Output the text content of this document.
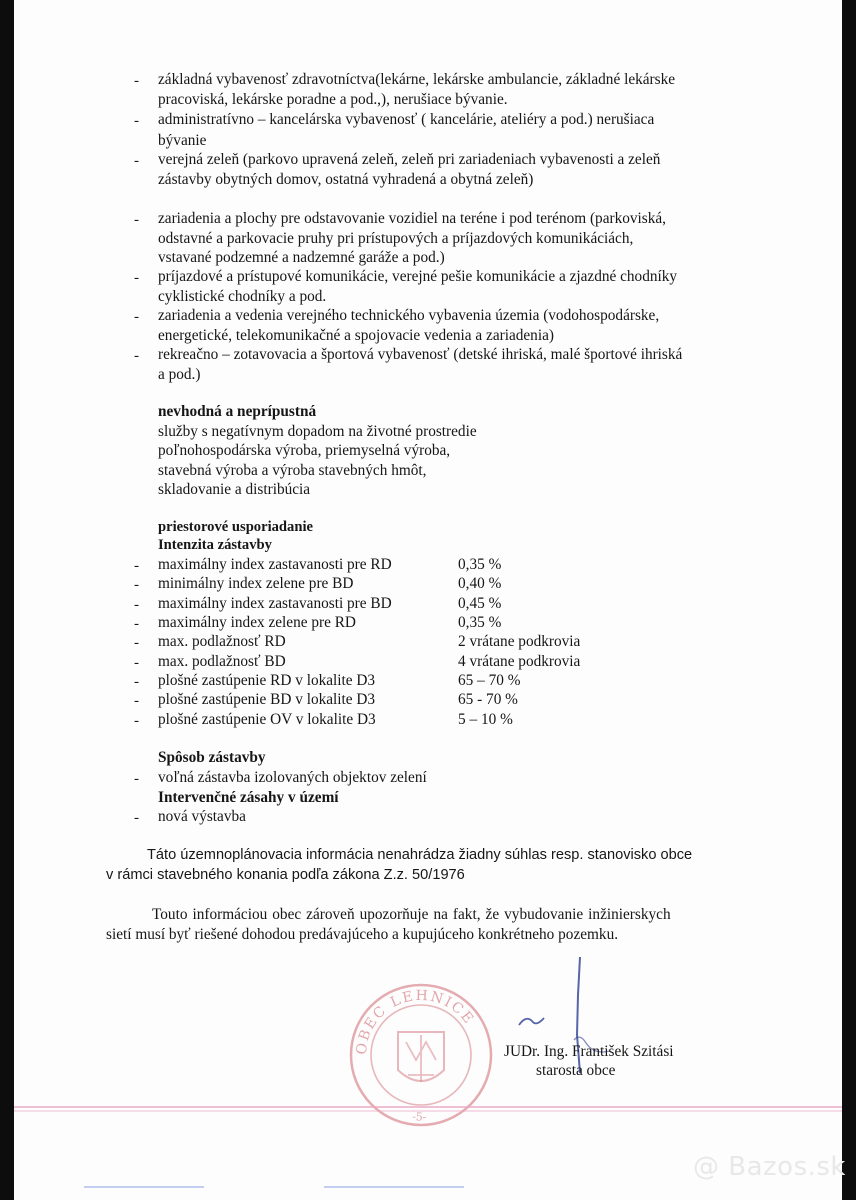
- základná vybavenosť zdravotníctva(lekárne, lekárske ambulancie, základné lekárske
pracoviská, lekárske poradne a pod.,), nerušiace bývanie.
- administratívno – kancelárska vybavenosť ( kancelárie, ateliéry a pod.) nerušiaca
bývanie
- verejná zeleň (parkovo upravená zeleň, zeleň pri zariadeniach vybavenosti a zeleň
zástavby obytných domov, ostatná vyhradená a obytná zeleň)
- zariadenia a plochy pre odstavovanie vozidiel na teréne i pod terénom (parkoviská,
odstavné a parkovacie pruhy pri prístupových a príjazdových komunikáciách,
vstavané podzemné a nadzemné garáže a pod.)
- príjazdové a prístupové komunikácie, verejné pešie komunikácie a zjazdné chodníky
cyklistické chodníky a pod.
- zariadenia a vedenia verejného technického vybavenia územia (vodohospodárske,
energetické, telekomunikačné a spojovacie vedenia a zariadenia)
- rekreačno – zotavovacia a športová vybavenosť (detské ihriská, malé športové ihriská
a pod.)
nevhodná a neprípustná
služby s negatívnym dopadom na životné prostredie
poľnohospodárska výroba, priemyselná výroba,
stavebná výroba a výroba stavebných hmôt,
skladovanie a distribúcia
priestorové usporiadanie
Intenzita zástavby
- maximálny index zastavanosti pre RD	0,35 %
- minimálny index zelene pre BD	0,40 %
- maximálny index zastavanosti pre BD	0,45 %
- maximálny index zelene pre RD	0,35 %
- max. podlažnosť RD	2 vrátane podkrovia
- max. podlažnosť BD	4 vrátane podkrovia
- plošné zastúpenie RD v lokalite D3	65 – 70 %
- plošné zastúpenie BD v lokalite D3	65 - 70 %
- plošné zastúpenie OV v lokalite D3	5 – 10 %
Spôsob zástavby
- voľná zástavba izolovaných objektov zelení
Intervenčné zásahy v území
- nová výstavba
Táto územnoplánovacia informácia nenahrádza žiadny súhlas resp. stanovisko obce
v rámci stavebného konania podľa zákona Z.z. 50/1976
Touto informáciou obec zároveň upozorňuje na fakt, že vybudovanie inžinierskych
sietí musí byť riešené dohodou predávajúceho a kupujúceho konkrétneho pozemku.
OBEC LEHNICE
-5-
JUDr. Ing. František Szitási
starosta obce
@ Bazos.sk
